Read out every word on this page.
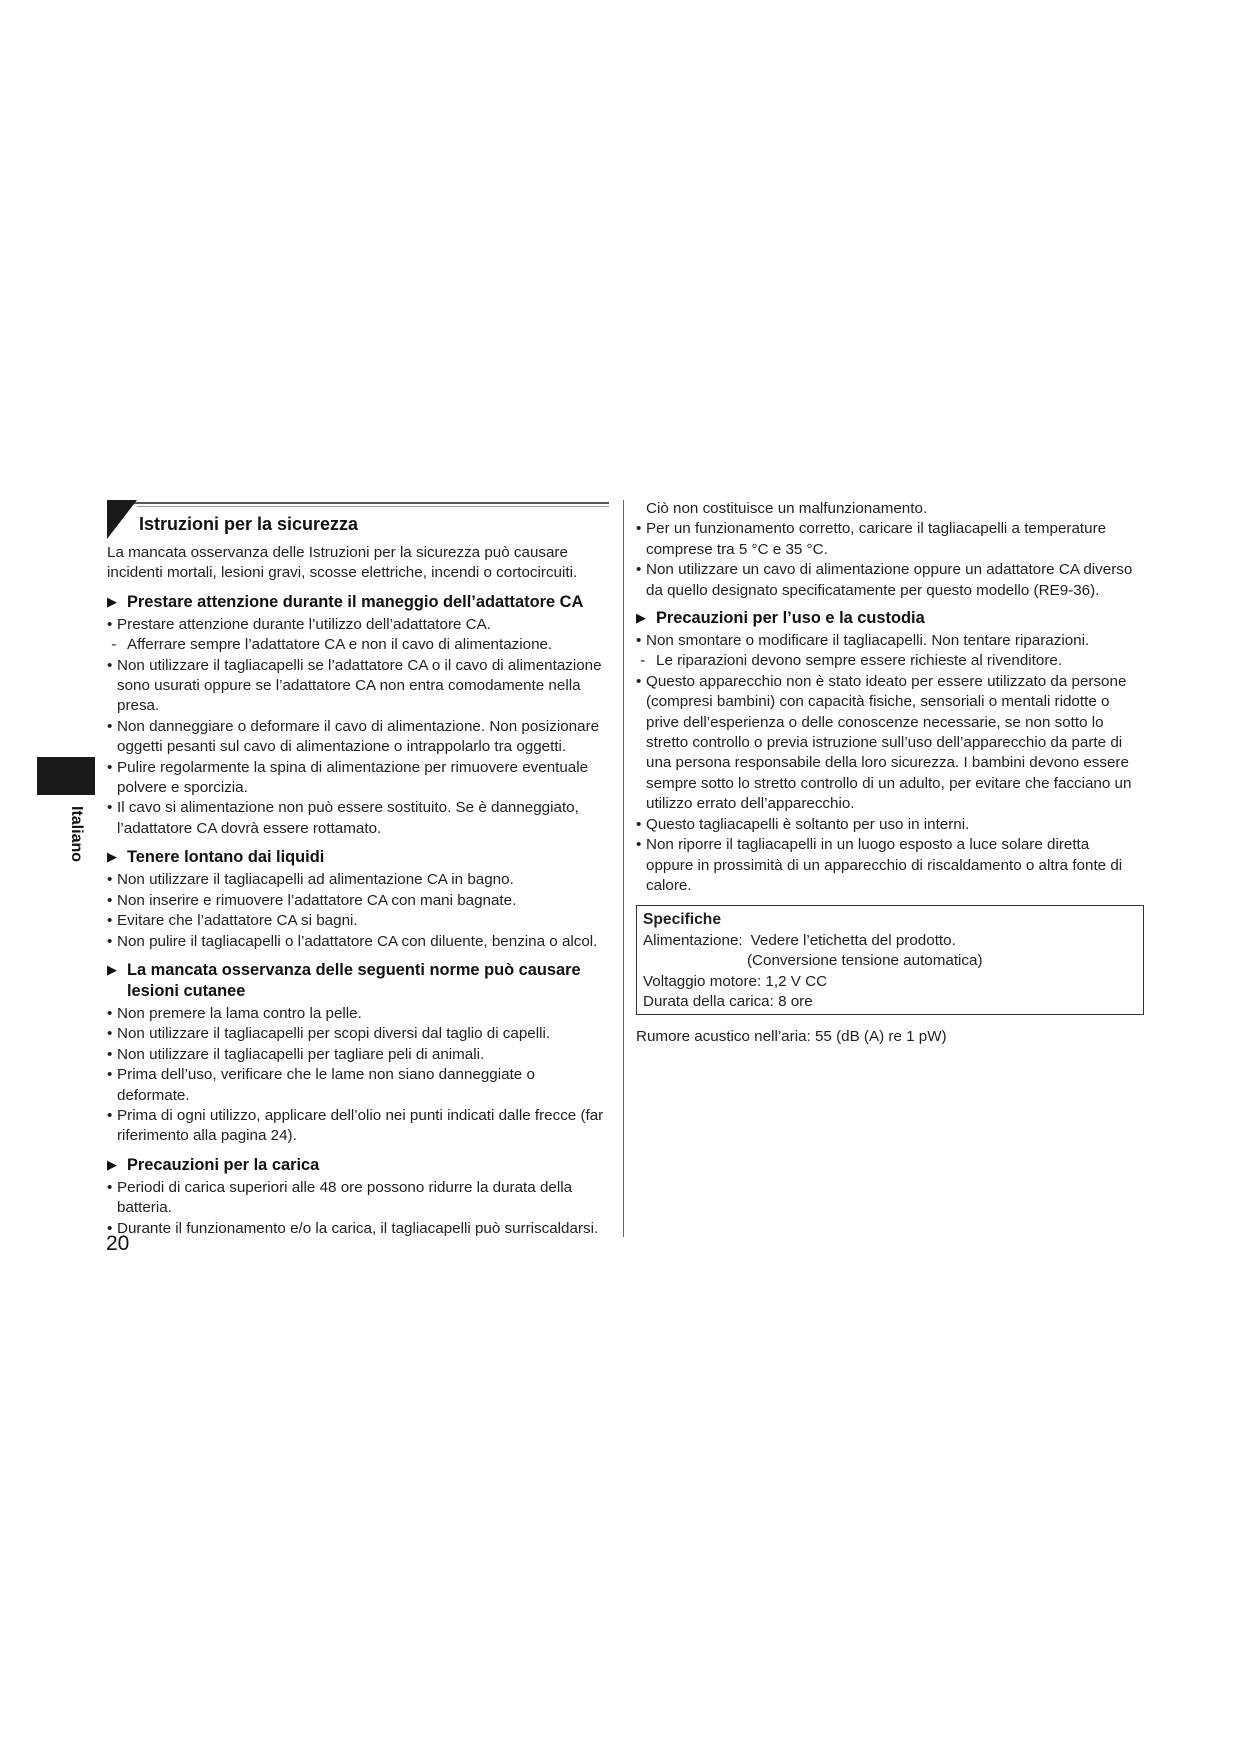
Italiano
Istruzioni per la sicurezza

La mancata osservanza delle Istruzioni per la sicurezza può causare incidenti mortali, lesioni gravi, scosse elettriche, incendi o cortocircuiti.

▶ Prestare attenzione durante il maneggio dell’adattatore CA
• Prestare attenzione durante l’utilizzo dell’adattatore CA.
- Afferrare sempre l’adattatore CA e non il cavo di alimentazione.
• Non utilizzare il tagliacapelli se l’adattatore CA o il cavo di alimentazione sono usurati oppure se l’adattatore CA non entra comodamente nella presa.
• Non danneggiare o deformare il cavo di alimentazione. Non posizionare oggetti pesanti sul cavo di alimentazione o intrappolarlo tra oggetti.
• Pulire regolarmente la spina di alimentazione per rimuovere eventuale polvere e sporcizia.
• Il cavo si alimentazione non può essere sostituito. Se è danneggiato, l’adattatore CA dovrà essere rottamato.
▶ Tenere lontano dai liquidi
• Non utilizzare il tagliacapelli ad alimentazione CA in bagno.
• Non inserire e rimuovere l’adattatore CA con mani bagnate.
• Evitare che l’adattatore CA si bagni.
• Non pulire il tagliacapelli o l’adattatore CA con diluente, benzina o alcol.
▶ La mancata osservanza delle seguenti norme può causare lesioni cutanee
• Non premere la lama contro la pelle.
• Non utilizzare il tagliacapelli per scopi diversi dal taglio di capelli.
• Non utilizzare il tagliacapelli per tagliare peli di animali.
• Prima dell’uso, verificare che le lame non siano danneggiate o deformate.
• Prima di ogni utilizzo, applicare dell’olio nei punti indicati dalle frecce (far riferimento alla pagina 24).
▶ Precauzioni per la carica
• Periodi di carica superiori alle 48 ore possono ridurre la durata della batteria.
• Durante il funzionamento e/o la carica, il tagliacapelli può surriscaldarsi.
Ciò non costituisce un malfunzionamento.
• Per un funzionamento corretto, caricare il tagliacapelli a temperature comprese tra 5 °C e 35 °C.
• Non utilizzare un cavo di alimentazione oppure un adattatore CA diverso da quello designato specificatamente per questo modello (RE9-36).
▶ Precauzioni per l’uso e la custodia
• Non smontare o modificare il tagliacapelli. Non tentare riparazioni.
- Le riparazioni devono sempre essere richieste al rivenditore.
• Questo apparecchio non è stato ideato per essere utilizzato da persone (compresi bambini) con capacità fisiche, sensoriali o mentali ridotte o prive dell’esperienza o delle conoscenze necessarie, se non sotto lo stretto controllo o previa istruzione sull’uso dell’apparecchio da parte di una persona responsabile della loro sicurezza. I bambini devono essere sempre sotto lo stretto controllo di un adulto, per evitare che facciano un utilizzo errato dell’apparecchio.
• Questo tagliacapelli è soltanto per uso in interni.
• Non riporre il tagliacapelli in un luogo esposto a luce solare diretta oppure in prossimità di un apparecchio di riscaldamento o altra fonte di calore.
Specifiche
Alimentazione: Vedere l’etichetta del prodotto.
(Conversione tensione automatica)
Voltaggio motore: 1,2 V CC
Durata della carica: 8 ore
Rumore acustico nell’aria: 55 (dB (A) re 1 pW)
20
